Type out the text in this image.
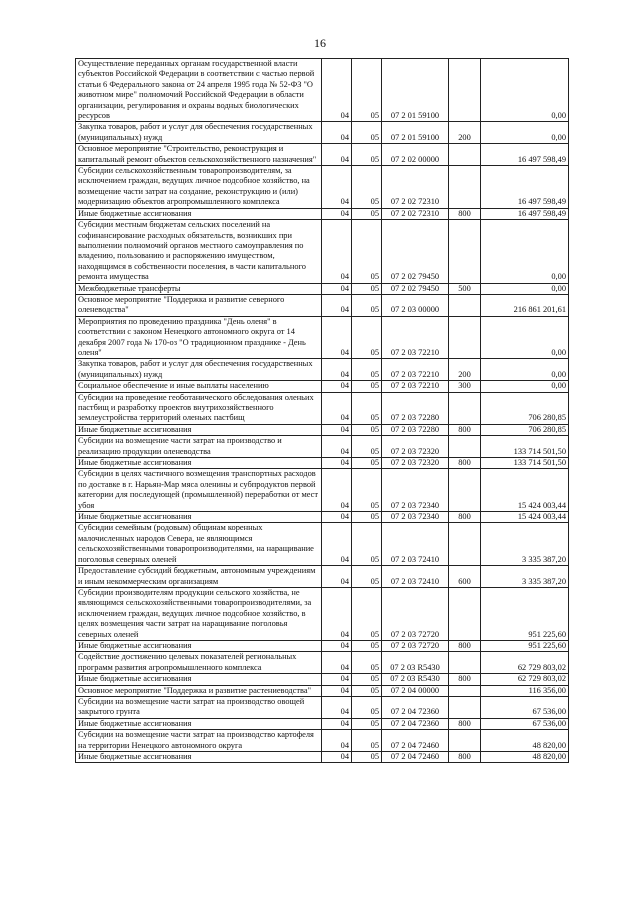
16
Осуществление переданных органам государственной власти субъектов Российской Федерации в соответствии с частью первой статьи 6 Федерального закона от 24 апреля 1995 года № 52-ФЗ "О животном мире" полномочий Российской Федерации в области организации, регулирования и охраны водных биологических ресурсов	04	05	07 2 01 59100		0,00
Закупка товаров, работ и услуг для обеспечения государственных (муниципальных) нужд	04	05	07 2 01 59100	200	0,00
Основное мероприятие "Строительство, реконструкция и капитальный ремонт объектов сельскохозяйственного назначения"	04	05	07 2 02 00000		16 497 598,49
Субсидии сельскохозяйственным товаропроизводителям, за исключением граждан, ведущих личное подсобное хозяйство, на возмещение части затрат на создание, реконструкцию и (или) модернизацию объектов агропромышленного комплекса	04	05	07 2 02 72310		16 497 598,49
Иные бюджетные ассигнования	04	05	07 2 02 72310	800	16 497 598,49
Субсидии местным бюджетам сельских поселений на софинансирование расходных обязательств, возникших при выполнении полномочий органов местного самоуправления по владению, пользованию и распоряжению имуществом, находящимся в собственности поселения, в части капитального ремонта имущества	04	05	07 2 02 79450		0,00
Межбюджетные трансферты	04	05	07 2 02 79450	500	0,00
Основное мероприятие "Поддержка и развитие северного оленеводства"	04	05	07 2 03 00000		216 861 201,61
Мероприятия по проведению праздника "День оленя" в соответствии с законом Ненецкого автономного округа от 14 декабря 2007 года № 170-оз "О традиционном празднике - День оленя"	04	05	07 2 03 72210		0,00
Закупка товаров, работ и услуг для обеспечения государственных (муниципальных) нужд	04	05	07 2 03 72210	200	0,00
Социальное обеспечение и иные выплаты населению	04	05	07 2 03 72210	300	0,00
Субсидии на проведение геоботанического обследования оленьих пастбищ и разработку проектов внутрихозяйственного землеустройства территорий оленьих пастбищ	04	05	07 2 03 72280		706 280,85
Иные бюджетные ассигнования	04	05	07 2 03 72280	800	706 280,85
Субсидии на возмещение части затрат на производство и реализацию продукции оленеводства	04	05	07 2 03 72320		133 714 501,50
Иные бюджетные ассигнования	04	05	07 2 03 72320	800	133 714 501,50
Субсидии в целях частичного возмещения транспортных расходов по доставке в г. Нарьян-Мар мяса оленины и субпродуктов первой категории для последующей (промышленной) переработки от мест убоя	04	05	07 2 03 72340		15 424 003,44
Иные бюджетные ассигнования	04	05	07 2 03 72340	800	15 424 003,44
Субсидии семейным (родовым) общинам коренных малочисленных народов Севера, не являющимся сельскохозяйственными товаропроизводителями, на наращивание поголовья северных оленей	04	05	07 2 03 72410		3 335 387,20
Предоставление субсидий бюджетным, автономным учреждениям и иным некоммерческим организациям	04	05	07 2 03 72410	600	3 335 387,20
Субсидии производителям продукции сельского хозяйства, не являющимся сельскохозяйственными товаропроизводителями, за исключением граждан, ведущих личное подсобное хозяйство, в целях возмещения части затрат на наращивание поголовья северных оленей	04	05	07 2 03 72720		951 225,60
Иные бюджетные ассигнования	04	05	07 2 03 72720	800	951 225,60
Содействие достижению целевых показателей региональных программ развития агропромышленного комплекса	04	05	07 2 03 R5430		62 729 803,02
Иные бюджетные ассигнования	04	05	07 2 03 R5430	800	62 729 803,02
Основное мероприятие "Поддержка и развитие растениеводства"	04	05	07 2 04 00000		116 356,00
Субсидии на возмещение части затрат на производство овощей закрытого грунта	04	05	07 2 04 72360		67 536,00
Иные бюджетные ассигнования	04	05	07 2 04 72360	800	67 536,00
Субсидии на возмещение части затрат на производство картофеля на территории Ненецкого автономного округа	04	05	07 2 04 72460		48 820,00
Иные бюджетные ассигнования	04	05	07 2 04 72460	800	48 820,00
